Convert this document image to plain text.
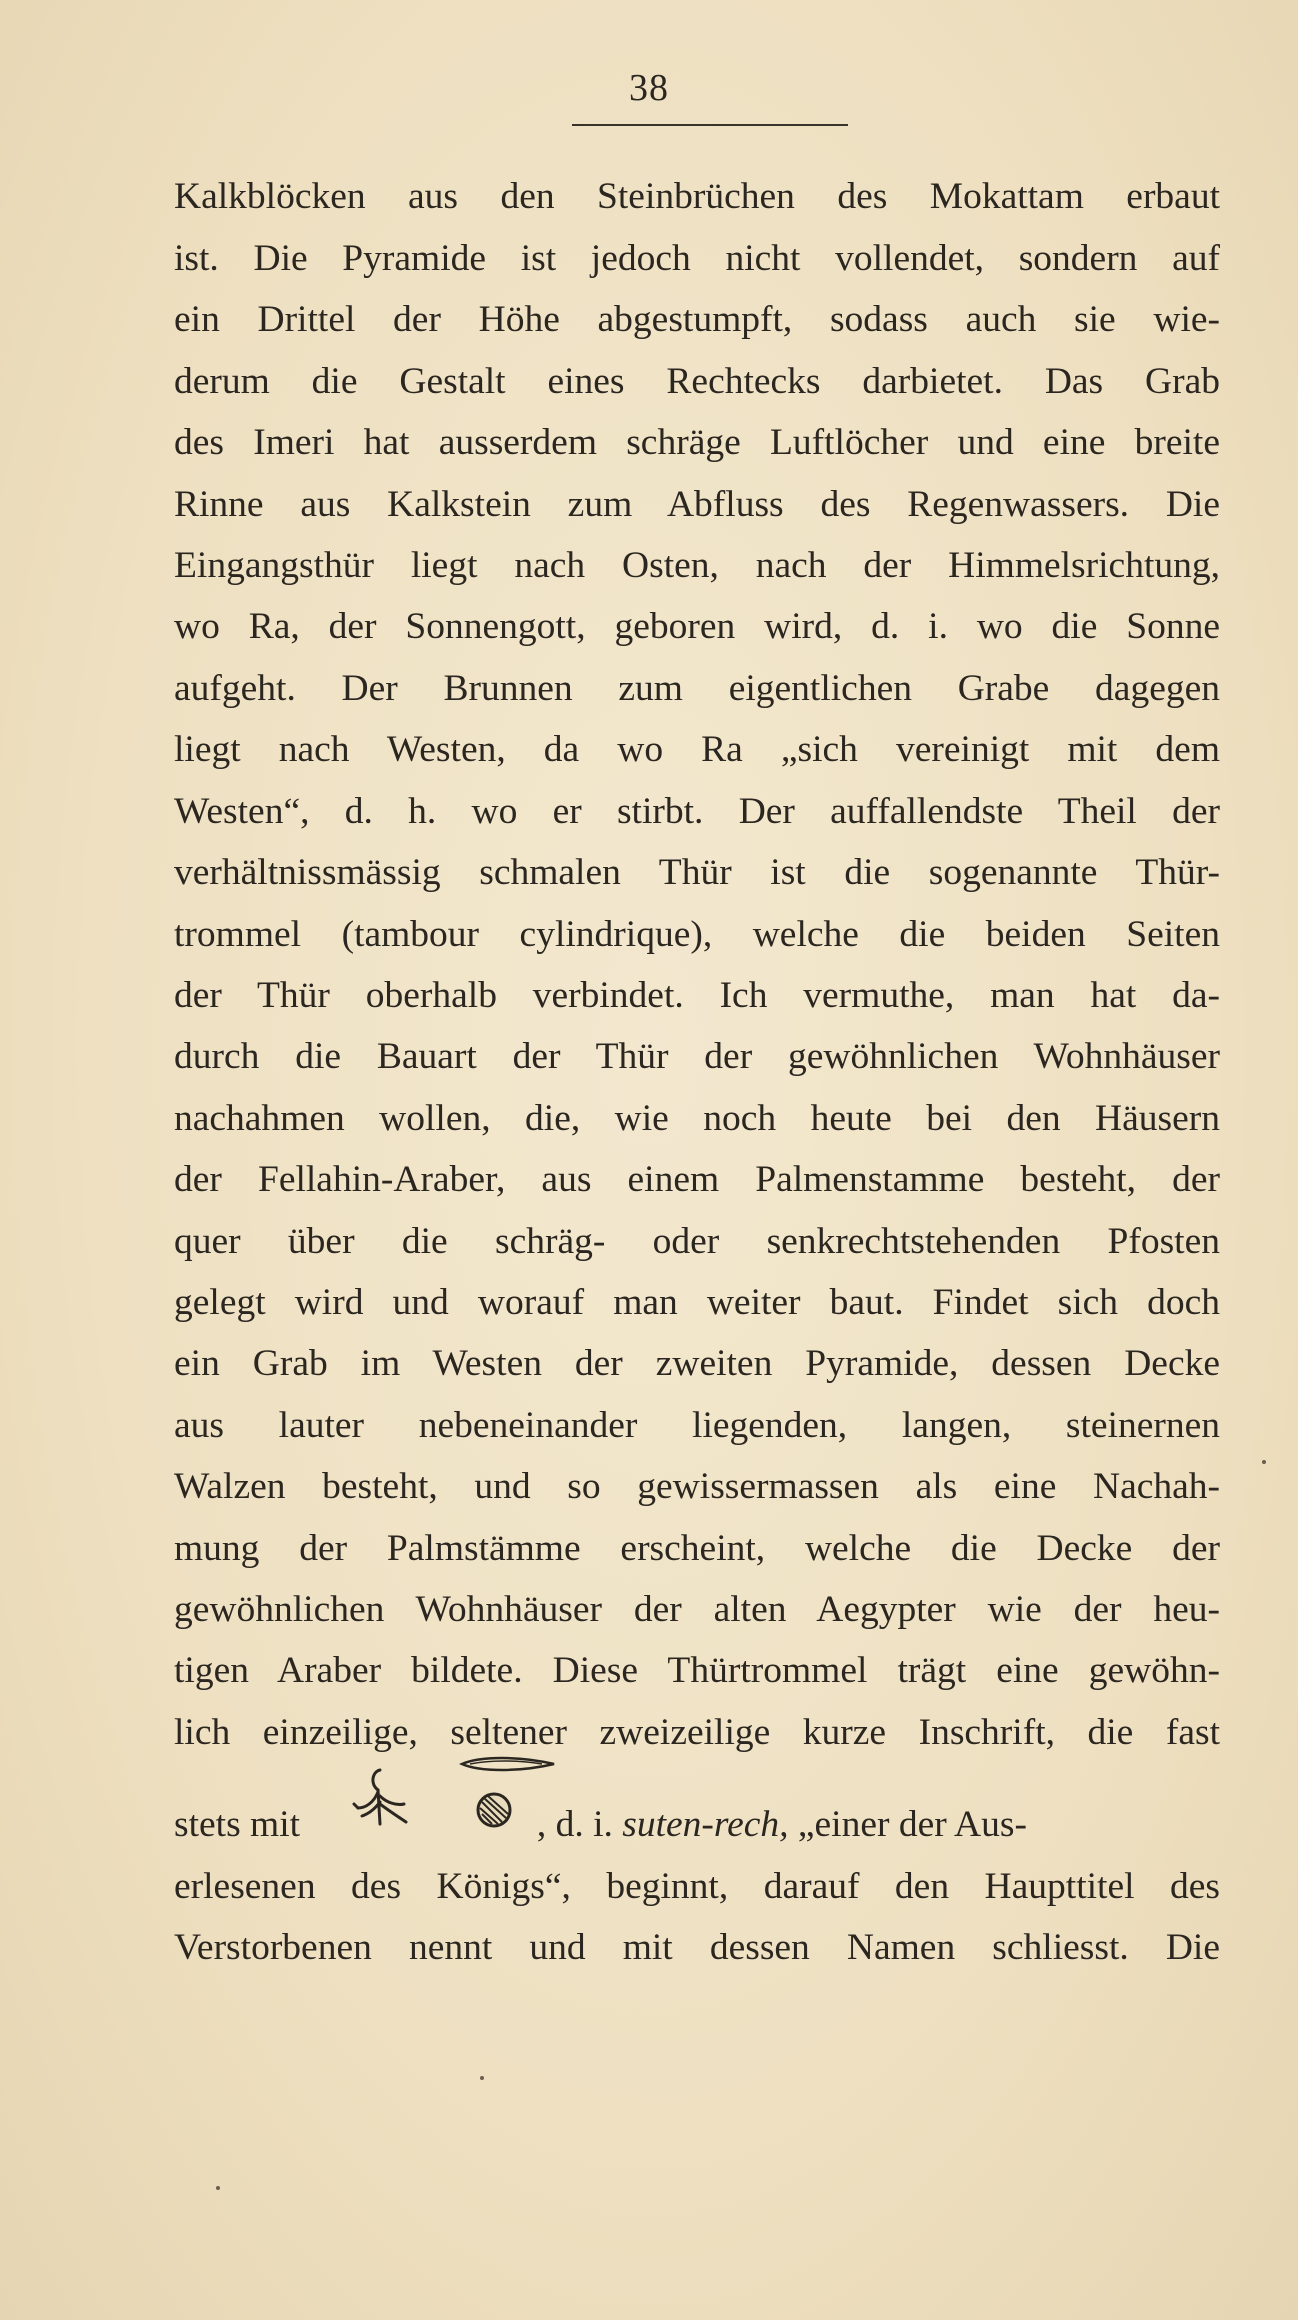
38
Kalkblöcken aus den Steinbrüchen des Mokattam erbaut
ist. Die Pyramide ist jedoch nicht vollendet, sondern auf
ein Drittel der Höhe abgestumpft, sodass auch sie wie-
derum die Gestalt eines Rechtecks darbietet. Das Grab
des Imeri hat ausserdem schräge Luftlöcher und eine breite
Rinne aus Kalkstein zum Abfluss des Regenwassers. Die
Eingangsthür liegt nach Osten, nach der Himmelsrichtung,
wo Ra, der Sonnengott, geboren wird, d. i. wo die Sonne
aufgeht. Der Brunnen zum eigentlichen Grabe dagegen
liegt nach Westen, da wo Ra „sich vereinigt mit dem
Westen“, d. h. wo er stirbt. Der auffallendste Theil der
verhältnissmässig schmalen Thür ist die sogenannte Thür-
trommel (tambour cylindrique), welche die beiden Seiten
der Thür oberhalb verbindet. Ich vermuthe, man hat da-
durch die Bauart der Thür der gewöhnlichen Wohnhäuser
nachahmen wollen, die, wie noch heute bei den Häusern
der Fellahin-Araber, aus einem Palmenstamme besteht, der
quer über die schräg- oder senkrechtstehenden Pfosten
gelegt wird und worauf man weiter baut. Findet sich doch
ein Grab im Westen der zweiten Pyramide, dessen Decke
aus lauter nebeneinander liegenden, langen, steinernen
Walzen besteht, und so gewissermassen als eine Nachah-
mung der Palmstämme erscheint, welche die Decke der
gewöhnlichen Wohnhäuser der alten Aegypter wie der heu-
tigen Araber bildete. Diese Thürtrommel trägt eine gewöhn-
lich einzeilige, seltener zweizeilige kurze Inschrift, die fast
stets mit	, d. i. suten-rech, „einer der Aus-
erlesenen des Königs“, beginnt, darauf den Haupttitel des
Verstorbenen nennt und mit dessen Namen schliesst. Die
